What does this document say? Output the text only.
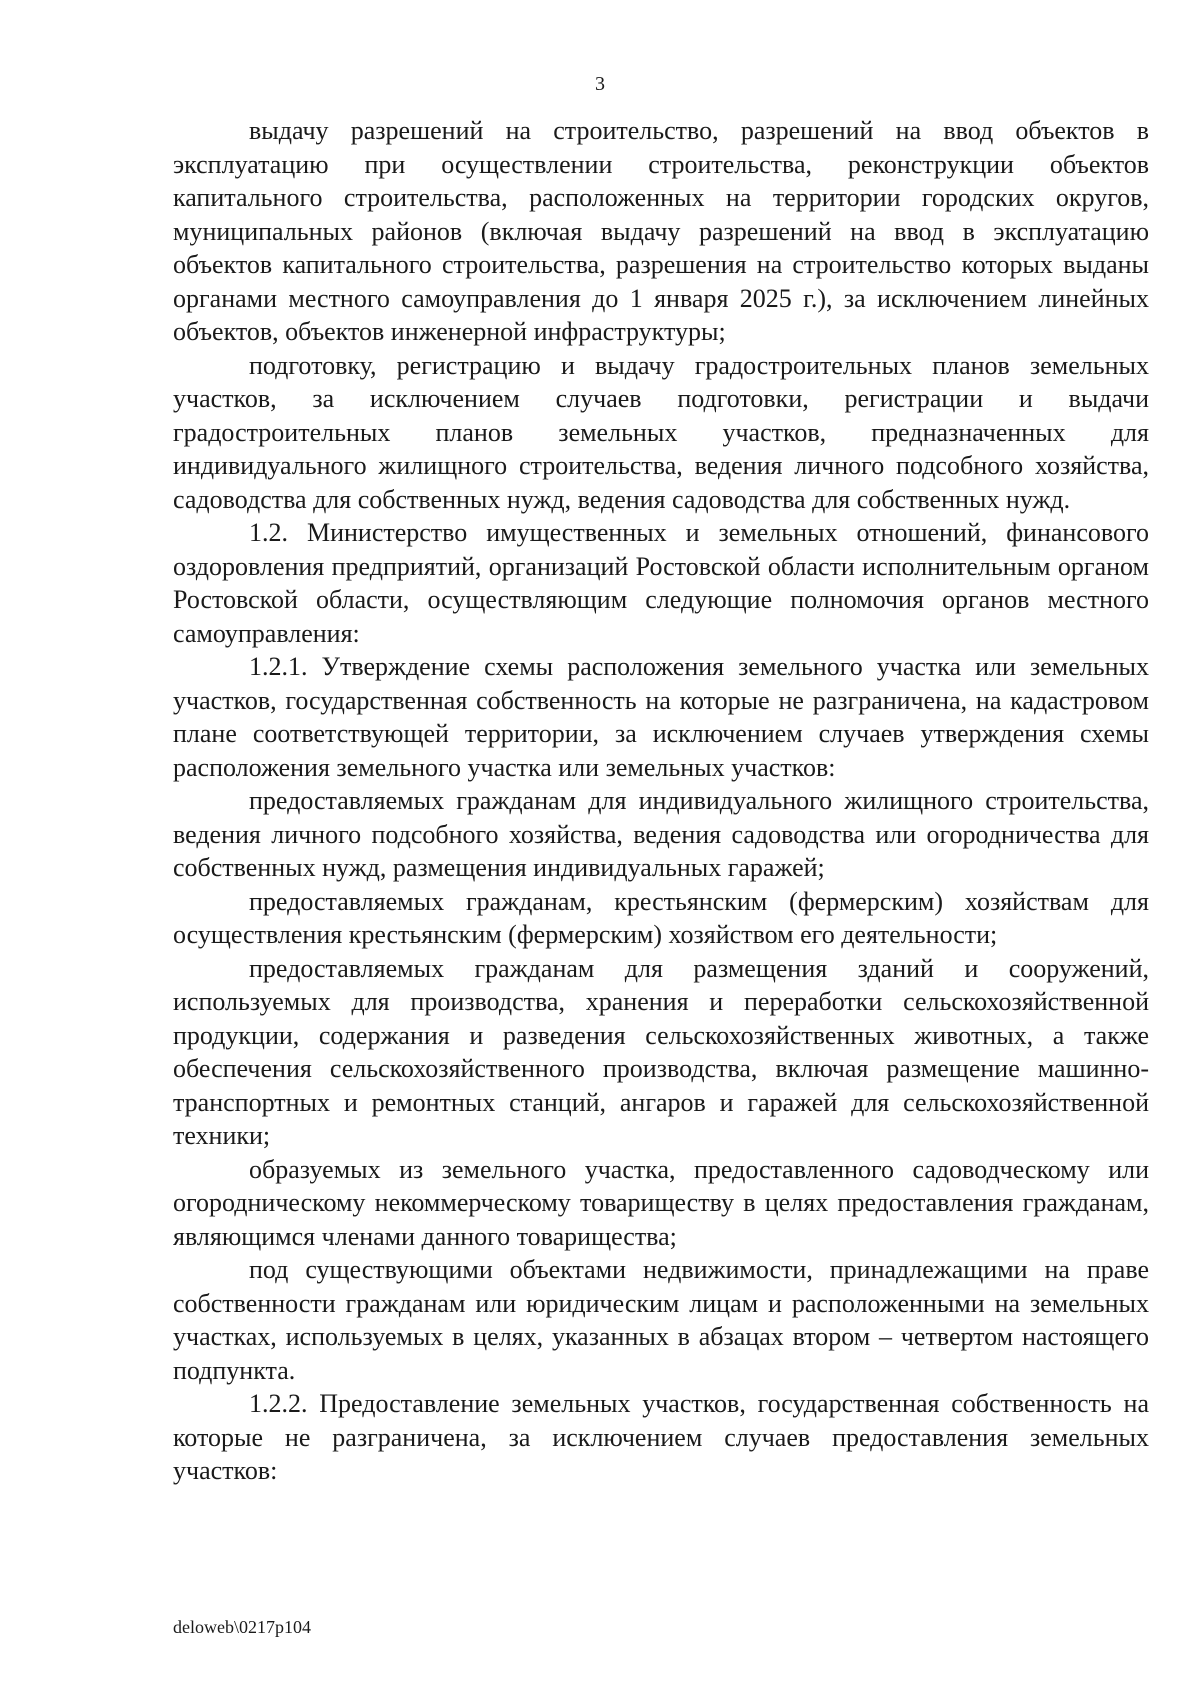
3

выдачу разрешений на строительство, разрешений на ввод объектов в эксплуатацию при осуществлении строительства, реконструкции объектов капитального строительства, расположенных на территории городских округов, муниципальных районов (включая выдачу разрешений на ввод в эксплуатацию объектов капитального строительства, разрешения на строительство которых выданы органами местного самоуправления до 1 января 2025 г.), за исключением линейных объектов, объектов инженерной инфраструктуры;

подготовку, регистрацию и выдачу градостроительных планов земельных участков, за исключением случаев подготовки, регистрации и выдачи градостроительных планов земельных участков, предназначенных для индивидуального жилищного строительства, ведения личного подсобного хозяйства, садоводства для собственных нужд, ведения садоводства для собственных нужд.

1.2. Министерство имущественных и земельных отношений, финансового оздоровления предприятий, организаций Ростовской области исполнительным органом Ростовской области, осуществляющим следующие полномочия органов местного самоуправления:

1.2.1. Утверждение схемы расположения земельного участка или земельных участков, государственная собственность на которые не разграничена, на кадастровом плане соответствующей территории, за исключением случаев утверждения схемы расположения земельного участка или земельных участков:

предоставляемых гражданам для индивидуального жилищного строительства, ведения личного подсобного хозяйства, ведения садоводства или огородничества для собственных нужд, размещения индивидуальных гаражей;

предоставляемых гражданам, крестьянским (фермерским) хозяйствам для осуществления крестьянским (фермерским) хозяйством его деятельности;

предоставляемых гражданам для размещения зданий и сооружений, используемых для производства, хранения и переработки сельскохозяйственной продукции, содержания и разведения сельскохозяйственных животных, а также обеспечения сельскохозяйственного производства, включая размещение машинно-транспортных и ремонтных станций, ангаров и гаражей для сельскохозяйственной техники;

образуемых из земельного участка, предоставленного садоводческому или огородническому некоммерческому товариществу в целях предоставления гражданам, являющимся членами данного товарищества;

под существующими объектами недвижимости, принадлежащими на праве собственности гражданам или юридическим лицам и расположенными на земельных участках, используемых в целях, указанных в абзацах втором – четвертом настоящего подпункта.

1.2.2. Предоставление земельных участков, государственная собственность на которые не разграничена, за исключением случаев предоставления земельных участков:

deloweb\0217p104
